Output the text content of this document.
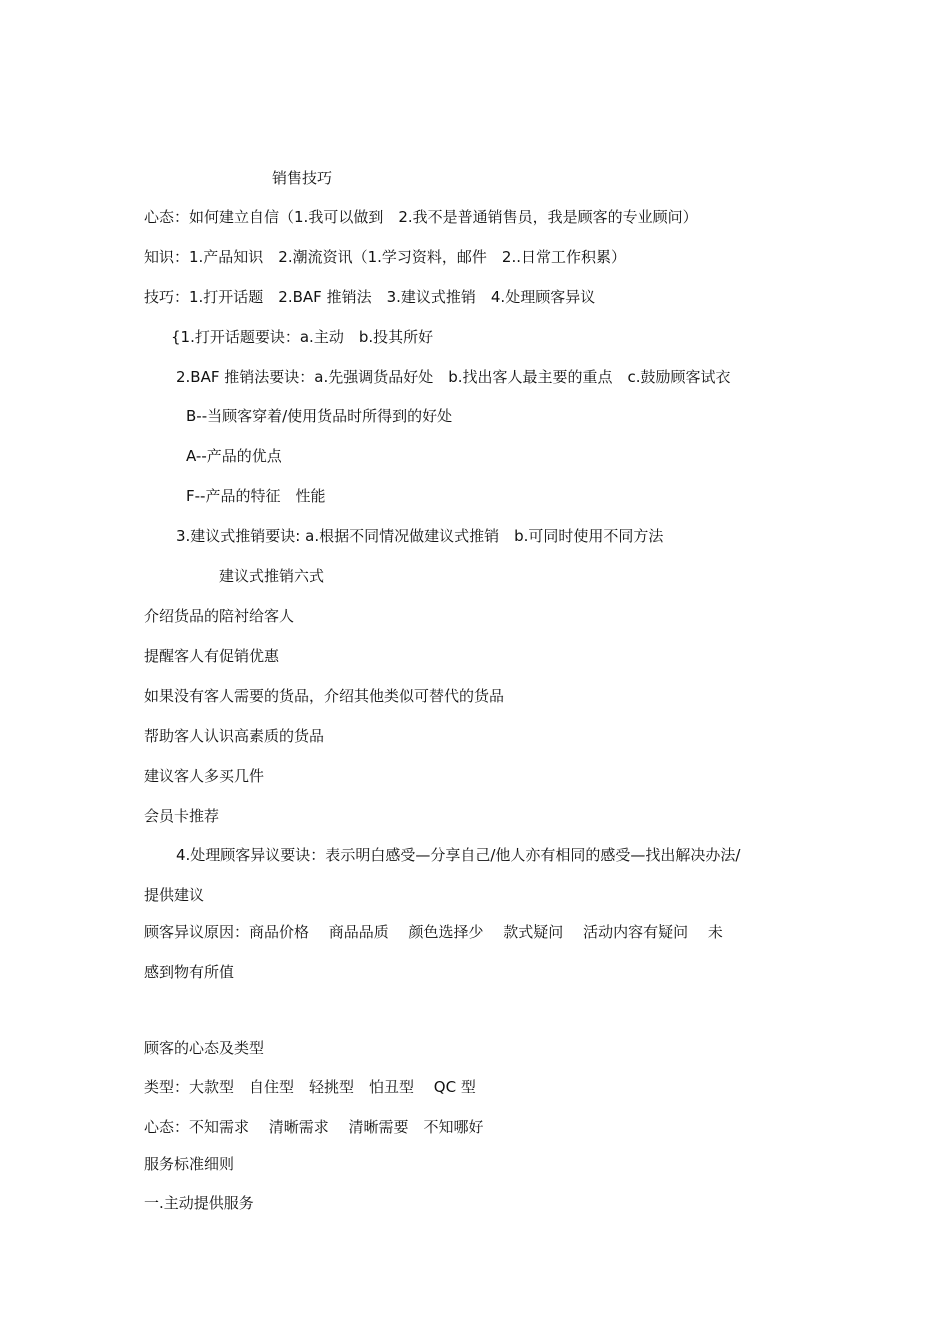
销售技巧
心态：如何建立自信（1.我可以做到　2.我不是普通销售员，我是顾客的专业顾问）
知识：1.产品知识　2.潮流资讯（1.学习资料，邮件　2..日常工作积累）
技巧：1.打开话题　2.BAF 推销法　3.建议式推销　4.处理顾客异议
{1.打开话题要诀：a.主动　b.投其所好
2.BAF 推销法要诀：a.先强调货品好处　b.找出客人最主要的重点　c.鼓励顾客试衣
B--当顾客穿着/使用货品时所得到的好处
A--产品的优点
F--产品的特征　性能
3.建议式推销要诀: a.根据不同情况做建议式推销　b.可同时使用不同方法
建议式推销六式
介绍货品的陪衬给客人
提醒客人有促销优惠
如果没有客人需要的货品，介绍其他类似可替代的货品
帮助客人认识高素质的货品
建议客人多买几件
会员卡推荐
4.处理顾客异议要诀：表示明白感受—分享自己/他人亦有相同的感受—找出解决办法/
提供建议
顾客异议原因：商品价格　 商品品质　 颜色选择少　 款式疑问　 活动内容有疑问　 未
感到物有所值
顾客的心态及类型
类型：大款型　自住型　轻挑型　怕丑型　 QC 型
心态：不知需求　 清晰需求　 清晰需要　不知哪好
服务标准细则
一.主动提供服务
